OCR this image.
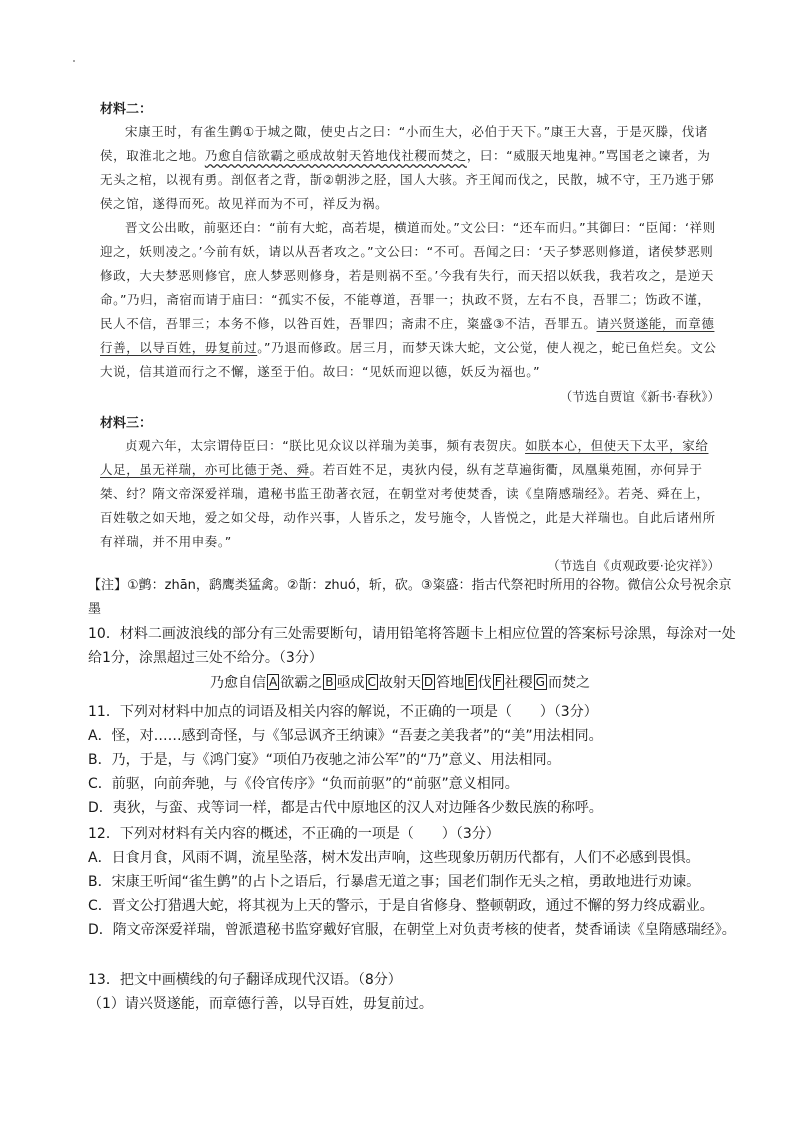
材料二：

宋康王时，有雀生鹯①于城之陬，使史占之曰：“小而生大，必伯于天下。”康王大喜，于是灭滕，伐诸侯，取淮北之地。乃愈自信欲霸之亟成故射天笞地伐社稷而焚之，曰：“威服天地鬼神。”骂国老之谏者，为无头之棺，以视有勇。剖伛者之背，斮②朝涉之胫，国人大骇。齐王闻而伐之，民散，城不守，王乃逃于郳侯之馆，遂得而死。故见祥而为不可，祥反为祸。

晋文公出畋，前驱还白：“前有大蛇，高若堤，横道而处。”文公曰：“还车而归。”其御曰：“臣闻：‘祥则迎之，妖则凌之。’今前有妖，请以从吾者攻之。”文公曰：“不可。吾闻之曰：‘天子梦恶则修道，诸侯梦恶则修政，大夫梦恶则修官，庶人梦恶则修身，若是则祸不至。’今我有失行，而天招以妖我，我若攻之，是逆天命。”乃归，斋宿而请于庙曰：“孤实不佞，不能尊道，吾罪一；执政不贤，左右不良，吾罪二；饬政不谨，民人不信，吾罪三；本务不修，以咎百姓，吾罪四；斋肃不庄，粢盛③不洁，吾罪五。请兴贤遂能，而章德行善，以导百姓，毋复前过。”乃退而修政。居三月，而梦天诛大蛇，文公觉，使人视之，蛇已鱼烂矣。文公大说，信其道而行之不懈，遂至于伯。故曰：“见妖而迎以德，妖反为福也。”

（节选自贾谊《新书·春秋》）
材料三：

贞观六年，太宗谓侍臣曰：“朕比见众议以祥瑞为美事，频有表贺庆。如朕本心，但使天下太平，家给人足，虽无祥瑞，亦可比德于尧、舜。若百姓不足，夷狄内侵，纵有芝草遍街衢，凤凰巢苑囿，亦何异于桀、纣？隋文帝深爱祥瑞，遣秘书监王劭著衣冠，在朝堂对考使焚香，读《皇隋感瑞经》。若尧、舜在上，百姓敬之如天地，爱之如父母，动作兴事，人皆乐之，发号施令，人皆悦之，此是大祥瑞也。自此后诸州所有祥瑞，并不用申奏。”

（节选自《贞观政要·论灾祥》）
【注】①鹯：zhān，鹞鹰类猛禽。②斮：zhuó，斩，砍。③粢盛：指古代祭祀时所用的谷物。微信公众号祝余京墨

10．材料二画波浪线的部分有三处需要断句，请用铅笔将答题卡上相应位置的答案标号涂黑，每涂对一处给1分，涂黑超过三处不给分。（3分）

乃愈自信 A 欲霸之 B 亟成 C 故射天 D 笞地 E 伐 F 社稷 G 而焚之

11．下列对材料中加点的词语及相关内容的解说，不正确的一项是（　　）（3分）

A．怪，对……感到奇怪，与《邹忌讽齐王纳谏》“吾妻之美我者”的“美”用法相同。

B．乃，于是，与《鸿门宴》“项伯乃夜驰之沛公军”的“乃”意义、用法相同。

C．前驱，向前奔驰，与《伶官传序》“负而前驱”的“前驱”意义相同。

D．夷狄，与蛮、戎等词一样，都是古代中原地区的汉人对边陲各少数民族的称呼。

12．下列对材料有关内容的概述，不正确的一项是（　　）（3分）

A．日食月食，风雨不调，流星坠落，树木发出声响，这些现象历朝历代都有，人们不必感到畏惧。

B．宋康王听闻“雀生鹯”的占卜之语后，行暴虐无道之事；国老们制作无头之棺，勇敢地进行劝谏。

C．晋文公打猎遇大蛇，将其视为上天的警示，于是自省修身、整顿朝政，通过不懈的努力终成霸业。

D．隋文帝深爱祥瑞，曾派遣秘书监穿戴好官服，在朝堂上对负责考核的使者，焚香诵读《皇隋感瑞经》。

13．把文中画横线的句子翻译成现代汉语。（8分）

（1）请兴贤遂能，而章德行善，以导百姓，毋复前过。
